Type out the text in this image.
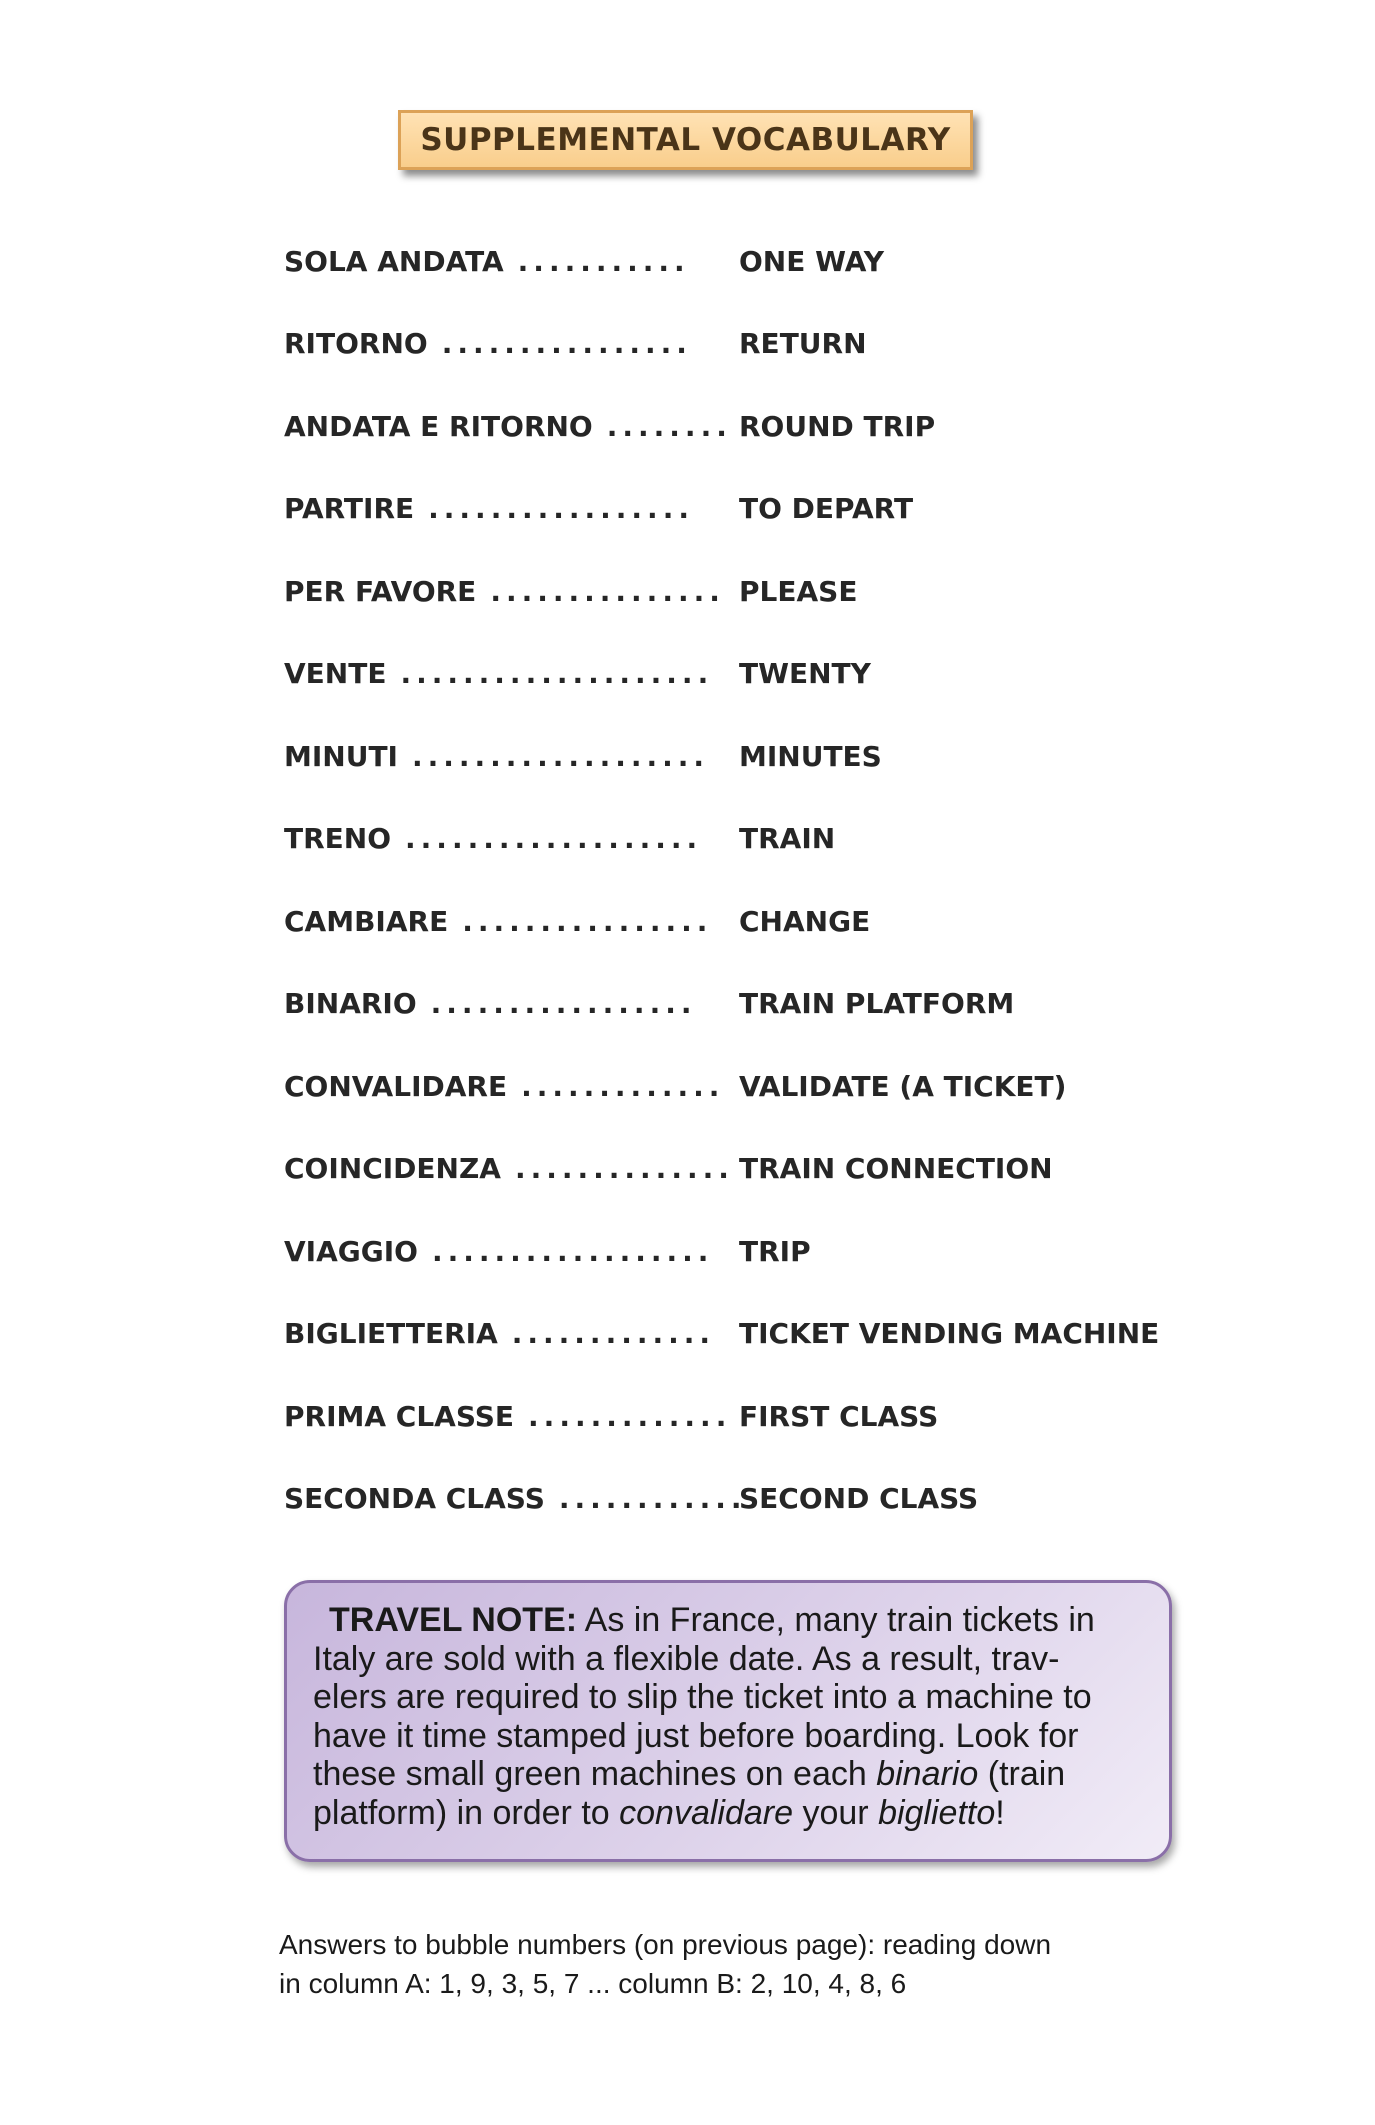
SUPPLEMENTAL VOCABULARY
SOLA ANDATA ........... ONE WAY
RITORNO ................ RETURN
ANDATA E RITORNO ........ ROUND TRIP
PARTIRE ................. TO DEPART
PER FAVORE ............... PLEASE
VENTE .................... TWENTY
MINUTI ................... MINUTES
TRENO ................... TRAIN
CAMBIARE ................ CHANGE
BINARIO ................. TRAIN PLATFORM
CONVALIDARE ............. VALIDATE (A TICKET)
COINCIDENZA .............. TRAIN CONNECTION
VIAGGIO .................. TRIP
BIGLIETTERIA ............. TICKET VENDING MACHINE
PRIMA CLASSE ............. FIRST CLASS
SECONDA CLASS ............
SECOND CLASS
TRAVEL NOTE: As in France, many train tickets in Italy are sold with a flexible date. As a result, trav- elers are required to slip the ticket into a machine to have it time stamped just before boarding. Look for these small green machines on each binario (train platform) in order to convalidare your biglietto!
Answers to bubble numbers (on previous page): reading down
in column A: 1, 9, 3, 5, 7 ... column B: 2, 10, 4, 8, 6
